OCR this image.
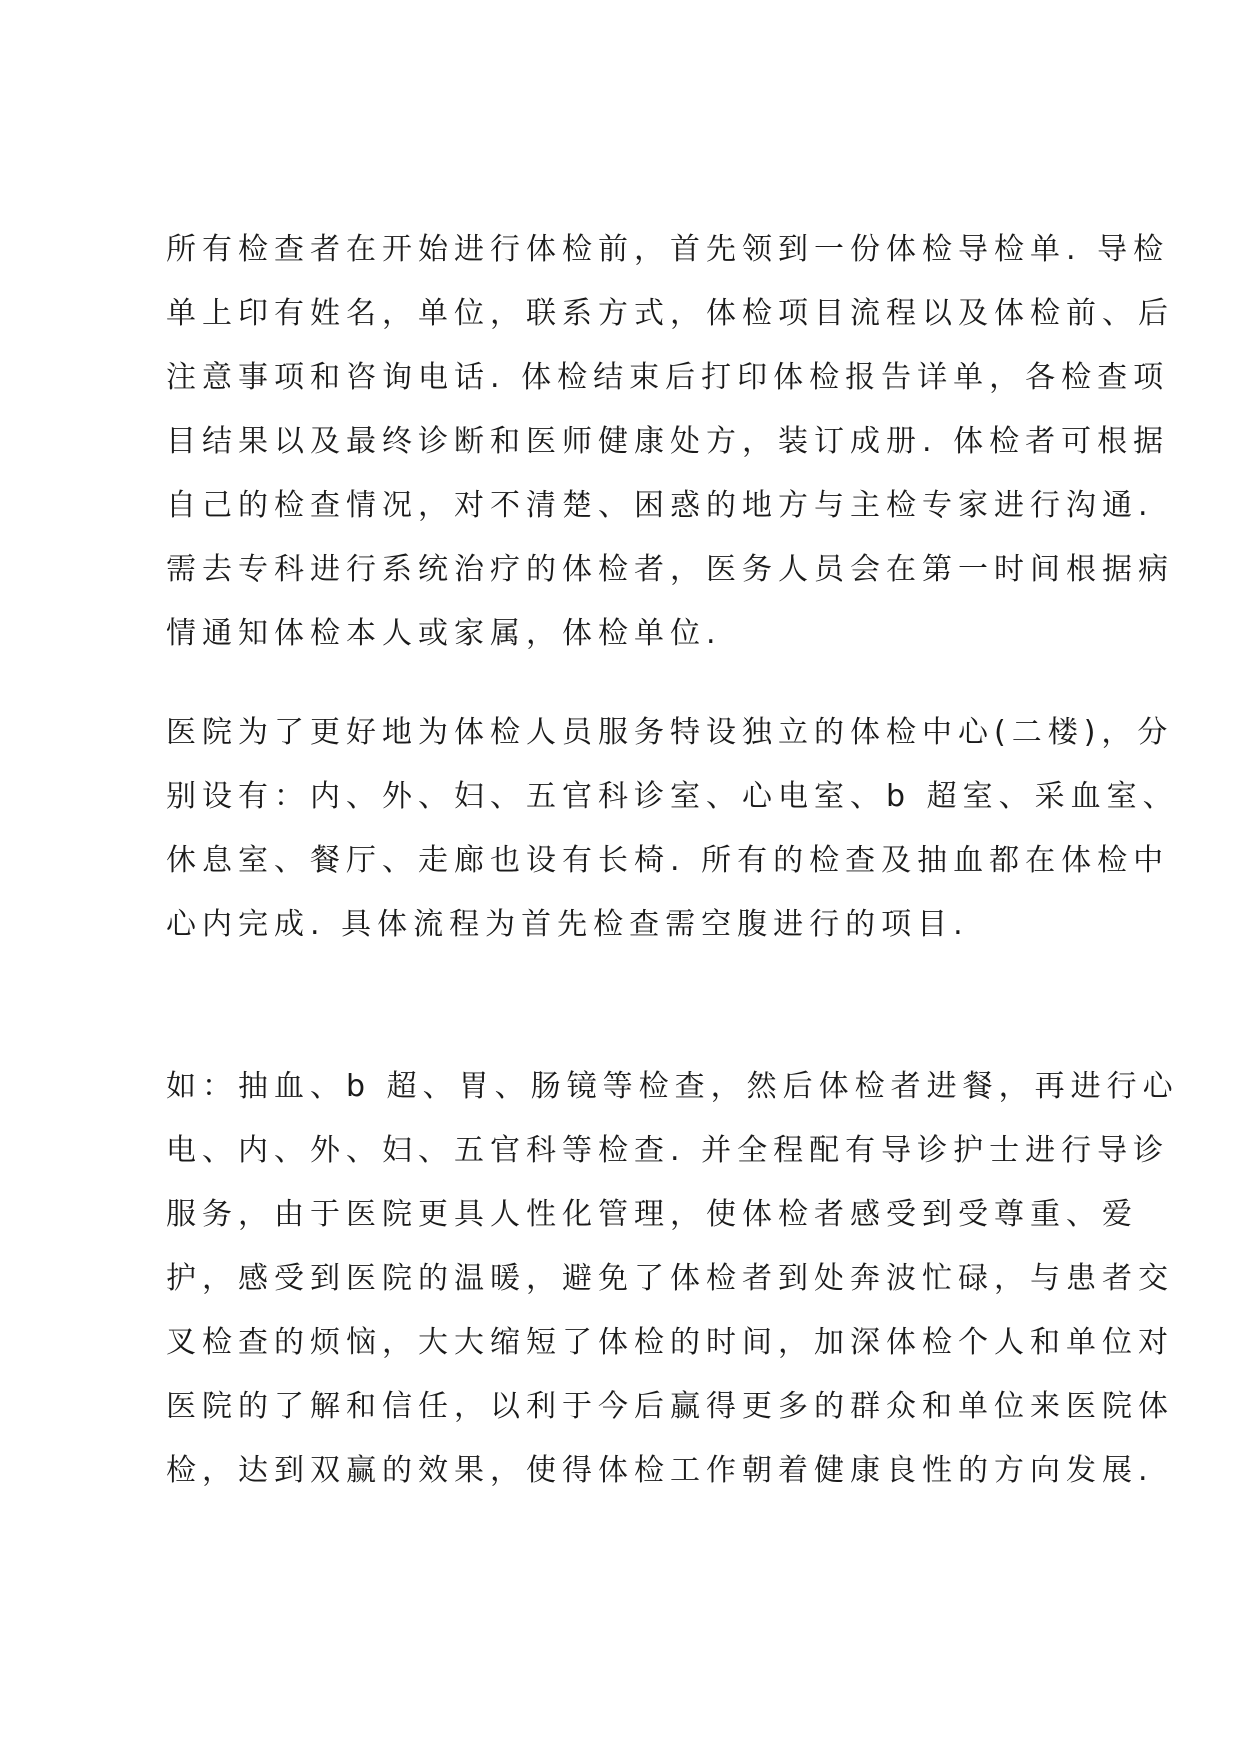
所有检查者在开始进行体检前，首先领到一份体检导检单. 导检
单上印有姓名，单位，联系方式，体检项目流程以及体检前、后
注意事项和咨询电话. 体检结束后打印体检报告详单，各检查项
目结果以及最终诊断和医师健康处方，装订成册. 体检者可根据
自己的检查情况，对不清楚、困惑的地方与主检专家进行沟通.
需去专科进行系统治疗的体检者，医务人员会在第一时间根据病
情通知体检本人或家属，体检单位.
医院为了更好地为体检人员服务特设独立的体检中心(二楼)，分
别设有：内、外、妇、五官科诊室、心电室、b 超室、采血室、
休息室、餐厅、走廊也设有长椅. 所有的检查及抽血都在体检中
心内完成. 具体流程为首先检查需空腹进行的项目.
如：抽血、b 超、胃、肠镜等检查，然后体检者进餐，再进行心
电、内、外、妇、五官科等检查. 并全程配有导诊护士进行导诊
服务，由于医院更具人性化管理，使体检者感受到受尊重、爱
护，感受到医院的温暖，避免了体检者到处奔波忙碌，与患者交
叉检查的烦恼，大大缩短了体检的时间，加深体检个人和单位对
医院的了解和信任，以利于今后赢得更多的群众和单位来医院体
检，达到双赢的效果，使得体检工作朝着健康良性的方向发展.
